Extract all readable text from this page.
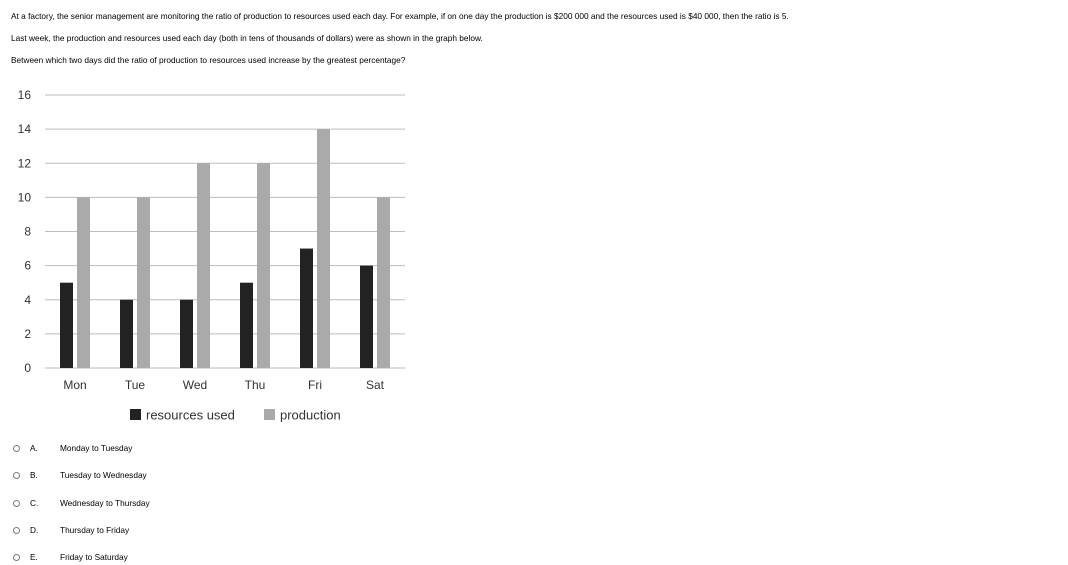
At a factory, the senior management are monitoring the ratio of production to resources used each day. For example, if on one day the production is $200 000 and the resources used is $40 000, then the ratio is 5.
Last week, the production and resources used each day (both in tens of thousands of dollars) were as shown in the graph below.
Between which two days did the ratio of production to resources used increase by the greatest percentage?
0
2
4
6
8
10
12
14
16
Mon	Tue	Wed	Thu	Fri	Sat
resources used	production
A.	Monday to Tuesday
B.	Tuesday to Wednesday
C.	Wednesday to Thursday
D.	Thursday to Friday
E.	Friday to Saturday
